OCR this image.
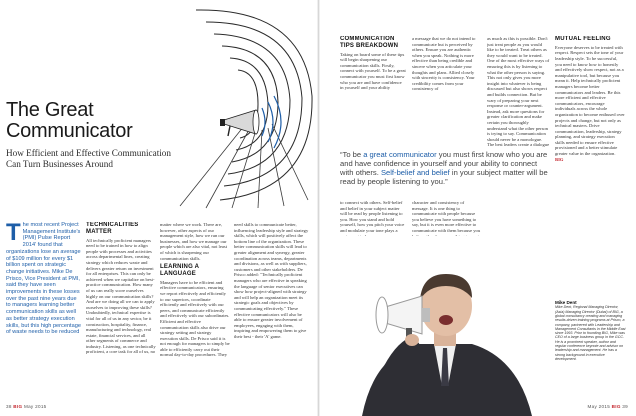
The Great
Communicator

How Efficient and Effective Communication Can Turn Businesses Around

The most recent Project Management Institute's (PMI) Pulse Report 2014' found that organizations lose an average of $109 million for every $1 billion spent on strategic change initiatives. Mike De Prisco, Vice President at PMI, said they have seen improvements in these losses over the past nine years due to managers learning better communication skills as well as better strategy execution skills, but this high percentage of waste needs to be reduced

TECHNICALITIES MATTER

All technically proficient managers need to be trained in how to align people with processes and activities across departmental lines, creating strategy which reduces waste and delivers greater return on investment for all enterprises. This can only be achieved when we capitalize on best-practice communication. How many of us can really score ourselves highly on our communication skills? And are we doing all we can to apply ourselves to improving these skills? Undoubtedly, technical expertise is vital for all of us in any sector, be it construction, hospitality, finance, manufacturing and technology, real estate, financial services, and all other segments of commerce and industry. Listening, as one technically proficient, a core task for all of us, no

matter where we work. There are, however, other aspects of our management style, how we run our businesses, and how we manage our people which are also vital, not least of which is sharpening our communication skills.

LEARNING A LANGUAGE

Managers have to be efficient and effective communicators, ensuring we report effectively and efficiently to our superiors, coordinate efficiently and effectively with our peers, and communicate efficiently and effectively with our subordinates. Efficient and effective communication skills also drive our strategy setting and strategy execution skills. De Prisco said it is not enough for managers to simply be able to efficiently carry out their normal day-to-day procedures. They

need skills to communicate better, influencing leadership style and strategy skills, which will positively affect the bottom line of the organization. These better communication skills will lead to greater alignment and synergy, greater coordination across teams, departments and divisions, as well as with suppliers, customers and other stakeholders. De Prisco added: "Technically proficient managers who are effective in speaking the language of senior executives can show how project-aligned with strategy and will help an organization meet its strategic goals and objectives by communicating effectively." These effective communicators will also be able to ensure greater involvement of employees, engaging with them, inspiring and empowering them to give their best - their 'A' game.

COMMUNICATION TIPS BREAKDOWN

Taking on board some of these tips will begin sharpening our communication skills. Firstly, connect with yourself. To be a great communicator you must first know who you are and have confidence in yourself and your ability

a message that we do not intend to communicate but is perceived by others. Ensure you are authentic when you speak. Nothing is more effective than being credible and sincere when you articulate your thoughts and plans. Allied closely with sincerity is consistency. Your credibility comes from your consistency of

as much as this is possible. Don't just treat people as you would like to be treated. Treat others as they would want to be treated. One of the most effective ways of ensuring this is by listening to what the other person is saying. This not only gives you more insight into whatever is being discussed but also shows respect and builds connection. But be wary of preparing your next response or counter-argument. Instead, ask more questions for greater clarification and make certain you thoroughly understand what the other person is trying to say. Communication should never be a monologue. The best leaders create a dialogue

MUTUAL FEELING

Everyone deserves to be treated with respect. Respect sets the tone of your leadership style. To be successful, you need to know how to honestly and effectively show respect, not as a manipulative tool, but because you mean it. Help technically proficient managers become better communicators and leaders. Be this more efficient and effective communicators, encourage individuals across the whole organization to become enthused over projects and change, but not only as technical masters. Drive communication, leadership, strategy planning, and strategy execution skills needed to ensure effective provisioned and a better stimulate greater value in the organization. BIG

“To be a great communicator you must first know who you are and have confidence in yourself and your ability to connect with others. Self-belief and belief in your subject matter will be read by people listening to you.”

to connect with others. Self-belief and belief in your subject matter will be read by people listening to you. How you stand and hold yourself, how you pitch your voice and modulate your tone plays a

character and consistency of message. It is one thing to communicate with people because you believe you have something to say, but it is even more effective to communicate with them because you

Mike Dent
Mike Dent, Regional Managing Director, (Asia) Managing Director (Dubai) of BIG, a global consultancy creating and managing results-driven training programs at Prisco, a company, partnered with Leadership and Management Consultants in the Middle East since 1993. Prior to founding BIG, Mike was CEO of a large business group in the GCC. He is a prominent speaker, author and regular conference keynote and advisor on leadership and management. He has a strong background in executive development.
38 BIG May 2015	May 2015 BIG 39
